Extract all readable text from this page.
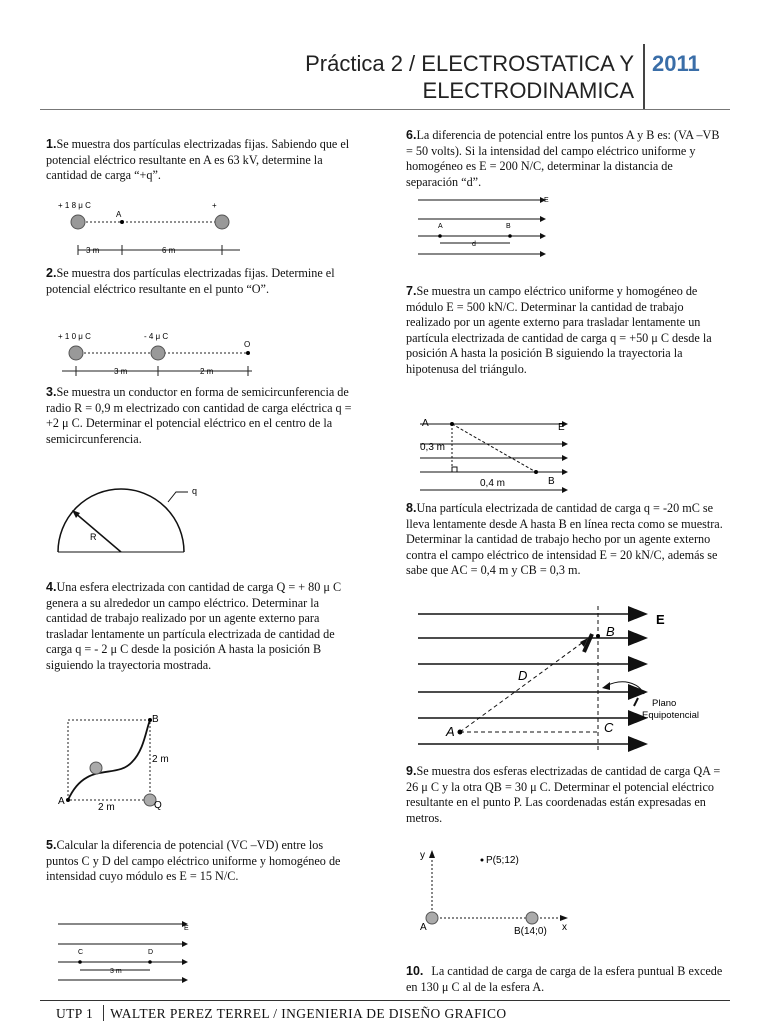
Práctica 2 / ELECTROSTATICA Y
ELECTRODINAMICA
2011
1.Se muestra dos partículas electrizadas fijas. Sabiendo que el potencial eléctrico resultante en A es 63 kV, determine la cantidad de carga “+q”.
+ 1 8 μ C
A
+
3 m	6 m
2.Se muestra dos partículas electrizadas fijas. Determine el potencial eléctrico resultante en el punto “O”.
+ 1 0 μ C	- 4 μ C
O
3 m	2 m
3.Se muestra un conductor en forma de semicircunferencia de radio R = 0,9 m electrizado con cantidad de carga eléctrica q = +2 μ C. Determinar el potencial eléctrico en el centro de la semicircunferencia.
R
q
4.Una esfera electrizada con cantidad de carga Q = + 80 μ C genera a su alrededor un campo eléctrico. Determinar la cantidad de trabajo realizado por un agente externo para trasladar lentamente un partícula electrizada de cantidad de carga q = - 2 μ C desde la posición A hasta la posición B siguiendo la trayectoria mostrada.
B
A	Q
2 m
2 m
5.Calcular la diferencia de potencial (VC –VD) entre los puntos C y D del campo eléctrico uniforme y homogéneo de intensidad cuyo módulo es E = 15 N/C.
E
C	D
3 m
6.La diferencia de potencial entre los puntos A y B es: (VA –VB = 50 volts). Si la intensidad del campo eléctrico uniforme y homogéneo es E = 200 N/C, determinar la distancia de separación “d”.
E
A	B
d
7.Se muestra un campo eléctrico uniforme y homogéneo de módulo E = 500 kN/C. Determinar la cantidad de trabajo realizado por un agente externo para trasladar lentamente un partícula electrizada de cantidad de carga q = +50 μ C desde la posición A hasta la posición B siguiendo la trayectoria la hipotenusa del triángulo.
A	E
B
0,3 m
0,4 m
8.Una partícula electrizada de cantidad de carga q = -20 mC se lleva lentamente desde A hasta B en línea recta como se muestra. Determinar la cantidad de trabajo hecho por un agente externo contra el campo eléctrico de intensidad E = 20 kN/C, además se sabe que AC = 0,4 m y CB = 0,3 m.
E
A
B
C
D
Plano
Equipotencial
9.Se muestra dos esferas electrizadas de cantidad de carga QA = 26 μ C y la otra QB = 30 μ C. Determinar el potencial eléctrico resultante en el punto P. Las coordenadas están expresadas en metros.
y
x
P(5;12)
A	B(14;0)
10. La cantidad de carga de carga de la esfera puntual B excede en 130 μ C al de la esfera A.
UTP 1 WALTER PEREZ TERREL / INGENIERIA DE DISEÑO GRAFICO
